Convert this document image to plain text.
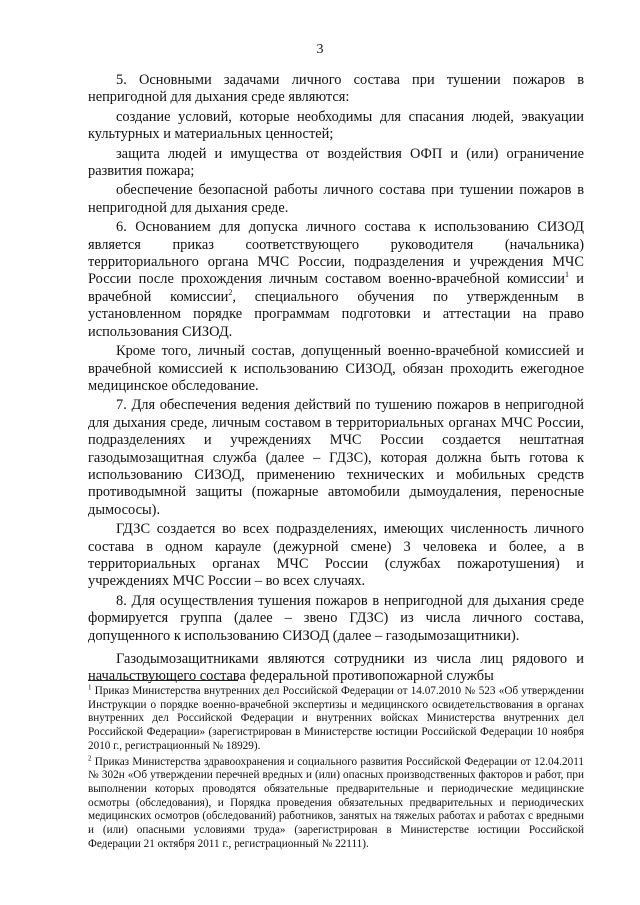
3

5. Основными задачами личного состава при тушении пожаров в непригодной для дыхания среде являются:

создание условий, которые необходимы для спасания людей, эвакуации культурных и материальных ценностей;

защита людей и имущества от воздействия ОФП и (или) ограничение развития пожара;

обеспечение безопасной работы личного состава при тушении пожаров в непригодной для дыхания среде.

6. Основанием для допуска личного состава к использованию СИЗОД является приказ соответствующего руководителя (начальника) территориального органа МЧС России, подразделения и учреждения МЧС России после прохождения личным составом военно-врачебной комиссии$^1$ и врачебной комиссии$^2$, специального обучения по утвержденным в установленном порядке программам подготовки и аттестации на право использования СИЗОД.

Кроме того, личный состав, допущенный военно-врачебной комиссией и врачебной комиссией к использованию СИЗОД, обязан проходить ежегодное медицинское обследование.

7. Для обеспечения ведения действий по тушению пожаров в непригодной для дыхания среде, личным составом в территориальных органах МЧС России, подразделениях и учреждениях МЧС России создается нештатная газодымозащитная служба (далее – ГДЗС), которая должна быть готова к использованию СИЗОД, применению технических и мобильных средств противодымной защиты (пожарные автомобили дымоудаления, переносные дымососы).

ГДЗС создается во всех подразделениях, имеющих численность личного состава в одном карауле (дежурной смене) 3 человека и более, а в территориальных органах МЧС России (службах пожаротушения) и учреждениях МЧС России – во всех случаях.

8. Для осуществления тушения пожаров в непригодной для дыхания среде формируется группа (далее – звено ГДЗС) из числа личного состава, допущенного к использованию СИЗОД (далее – газодымозащитники).

Газодымозащитниками являются сотрудники из числа лиц рядового и начальствующего состава федеральной противопожарной службы

$^1$ Приказ Министерства внутренних дел Российской Федерации от 14.07.2010 № 523 «Об утверждении Инструкции о порядке военно-врачебной экспертизы и медицинского освидетельствования в органах внутренних дел Российской Федерации и внутренних войсках Министерства внутренних дел Российской Федерации» (зарегистрирован в Министерстве юстиции Российской Федерации 10 ноября 2010 г., регистрационный № 18929).

$^2$ Приказ Министерства здравоохранения и социального развития Российской Федерации от 12.04.2011 № 302н «Об утверждении перечней вредных и (или) опасных производственных факторов и работ, при выполнении которых проводятся обязательные предварительные и периодические медицинские осмотры (обследования), и Порядка проведения обязательных предварительных и периодических медицинских осмотров (обследований) работников, занятых на тяжелых работах и работах с вредными и (или) опасными условиями труда» (зарегистрирован в Министерстве юстиции Российской Федерации 21 октября 2011 г., регистрационный № 22111).
